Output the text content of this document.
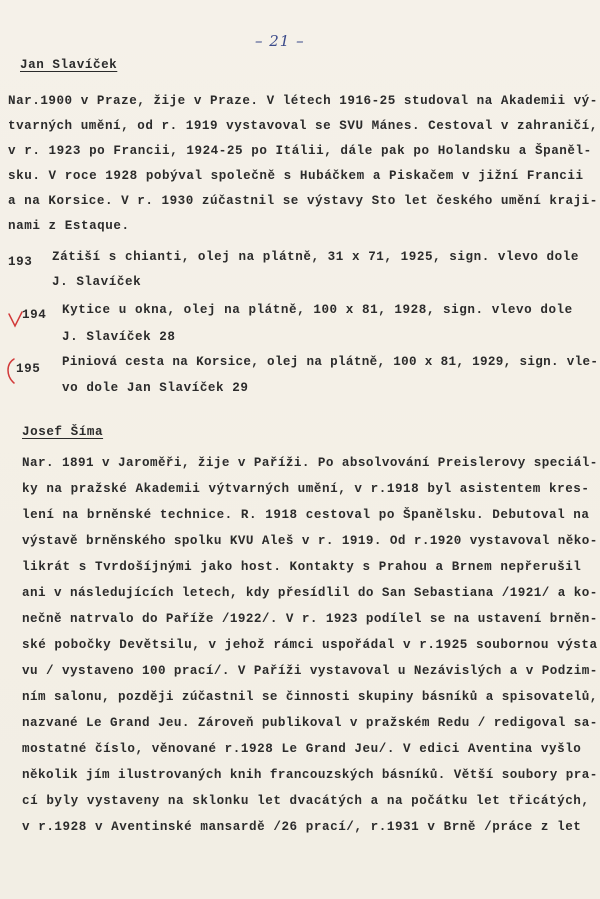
– 21 –
Jan Slavíček
Nar.1900 v Praze, žije v Praze. V létech 1916-25 studoval na Akademii vý-
tvarných umění, od r. 1919 vystavoval se SVU Mánes. Cestoval v zahraničí,
v r. 1923 po Francii, 1924-25 po Itálii, dále pak po Holandsku a Španěl-
sku. V roce 1928 pobýval společně s Hubáčkem a Piskačem v jižní Francii
a na Korsice. V r. 1930 zúčastnil se výstavy Sto let českého umění kraji-
nami z Estaque.
193 Zátiší s chianti, olej na plátně, 31 x 71, 1925, sign. vlevo dole
J. Slavíček
194 Kytice u okna, olej na plátně, 100 x 81, 1928, sign. vlevo dole
J. Slavíček 28
195 Piniová cesta na Korsice, olej na plátně, 100 x 81, 1929, sign. vle-
vo dole Jan Slavíček 29
Josef Šíma
Nar. 1891 v Jaroměři, žije v Paříži. Po absolvování Preislerovy speciál-
ky na pražské Akademii výtvarných umění, v r.1918 byl asistentem kres-
lení na brněnské technice. R. 1918 cestoval po Španělsku. Debutoval na
výstavě brněnského spolku KVU Aleš v r. 1919. Od r.1920 vystavoval něko-
likrát s Tvrdošíjnými jako host. Kontakty s Prahou a Brnem nepřerušil
ani v následujících letech, kdy přesídlil do San Sebastiana /1921/ a ko-
nečně natrvalo do Paříže /1922/. V r. 1923 podílel se na ustavení brněn-
ské pobočky Devětsilu, v jehož rámci uspořádal v r.1925 soubornou výsta
vu / vystaveno 100 prací/. V Paříži vystavoval u Nezávislých a v Podzim-
ním salonu, později zúčastnil se činnosti skupiny básníků a spisovatelů,
nazvané Le Grand Jeu. Zároveň publikoval v pražském Redu / redigoval sa-
mostatné číslo, věnované r.1928 Le Grand Jeu/. V edici Aventina vyšlo
několik jím ilustrovaných knih francouzských básníků. Větší soubory pra-
cí byly vystaveny na sklonku let dvacátých a na počátku let třicátých,
v r.1928 v Aventinské mansardě /26 prací/, r.1931 v Brně /práce z let
